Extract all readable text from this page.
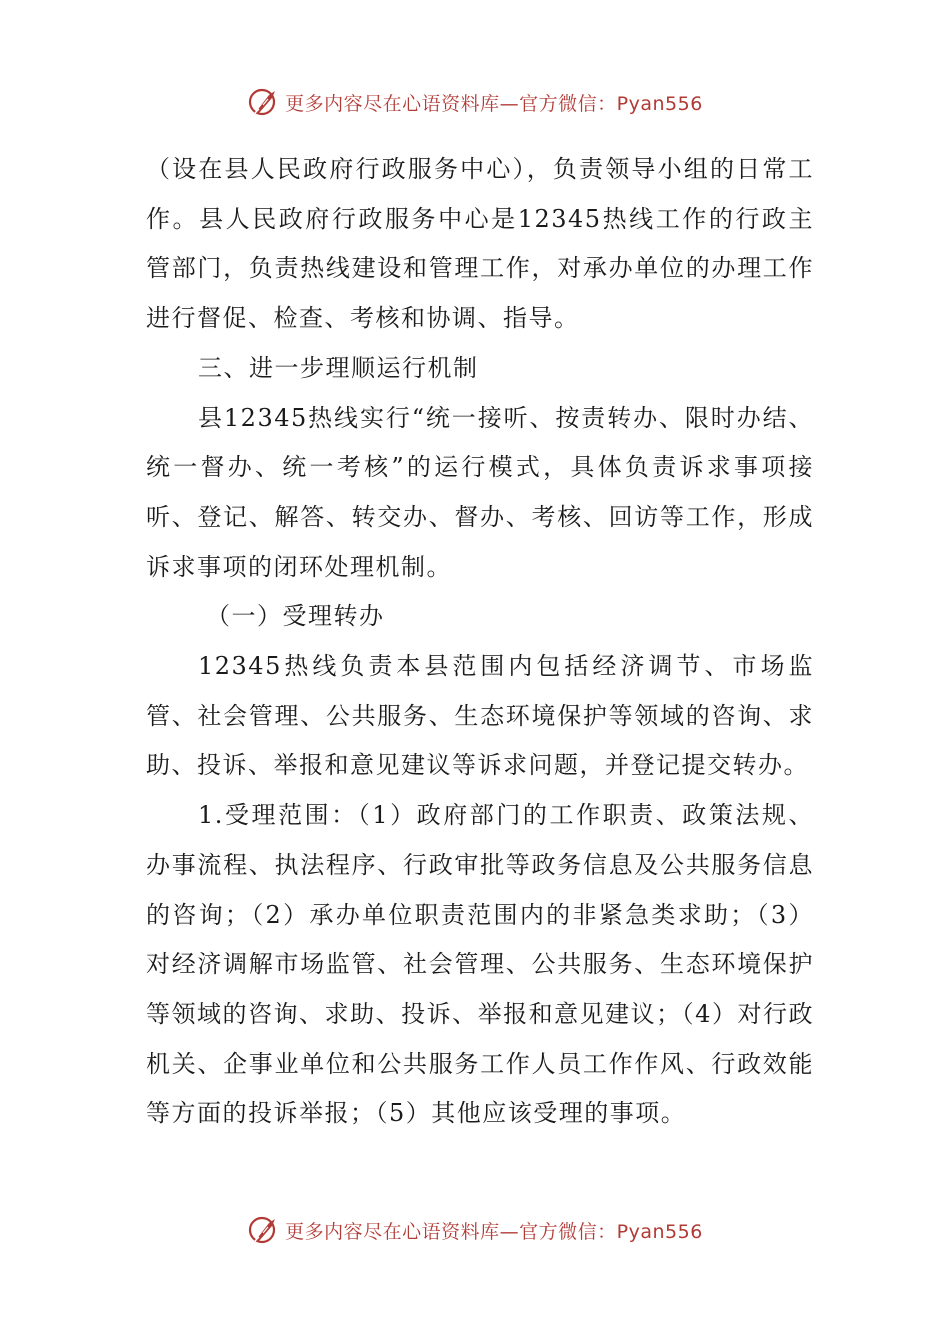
更多内容尽在心语资料库—官方微信：Pyan556

（设在县人民政府行政服务中心），负责领导小组的日常工作。县人民政府行政服务中心是12345热线工作的行政主管部门，负责热线建设和管理工作，对承办单位的办理工作进行督促、检查、考核和协调、指导。

三、进一步理顺运行机制

县12345热线实行“统一接听、按责转办、限时办结、统一督办、统一考核”的运行模式，具体负责诉求事项接听、登记、解答、转交办、督办、考核、回访等工作，形成诉求事项的闭环处理机制。

（一）受理转办

12345热线负责本县范围内包括经济调节、市场监管、社会管理、公共服务、生态环境保护等领域的咨询、求助、投诉、举报和意见建议等诉求问题，并登记提交转办。

1.受理范围：（1）政府部门的工作职责、政策法规、办事流程、执法程序、行政审批等政务信息及公共服务信息的咨询；（2）承办单位职责范围内的非紧急类求助；（3）对经济调解市场监管、社会管理、公共服务、生态环境保护等领域的咨询、求助、投诉、举报和意见建议；（4）对行政机关、企事业单位和公共服务工作人员工作作风、行政效能等方面的投诉举报；（5）其他应该受理的事项。

更多内容尽在心语资料库—官方微信：Pyan556
